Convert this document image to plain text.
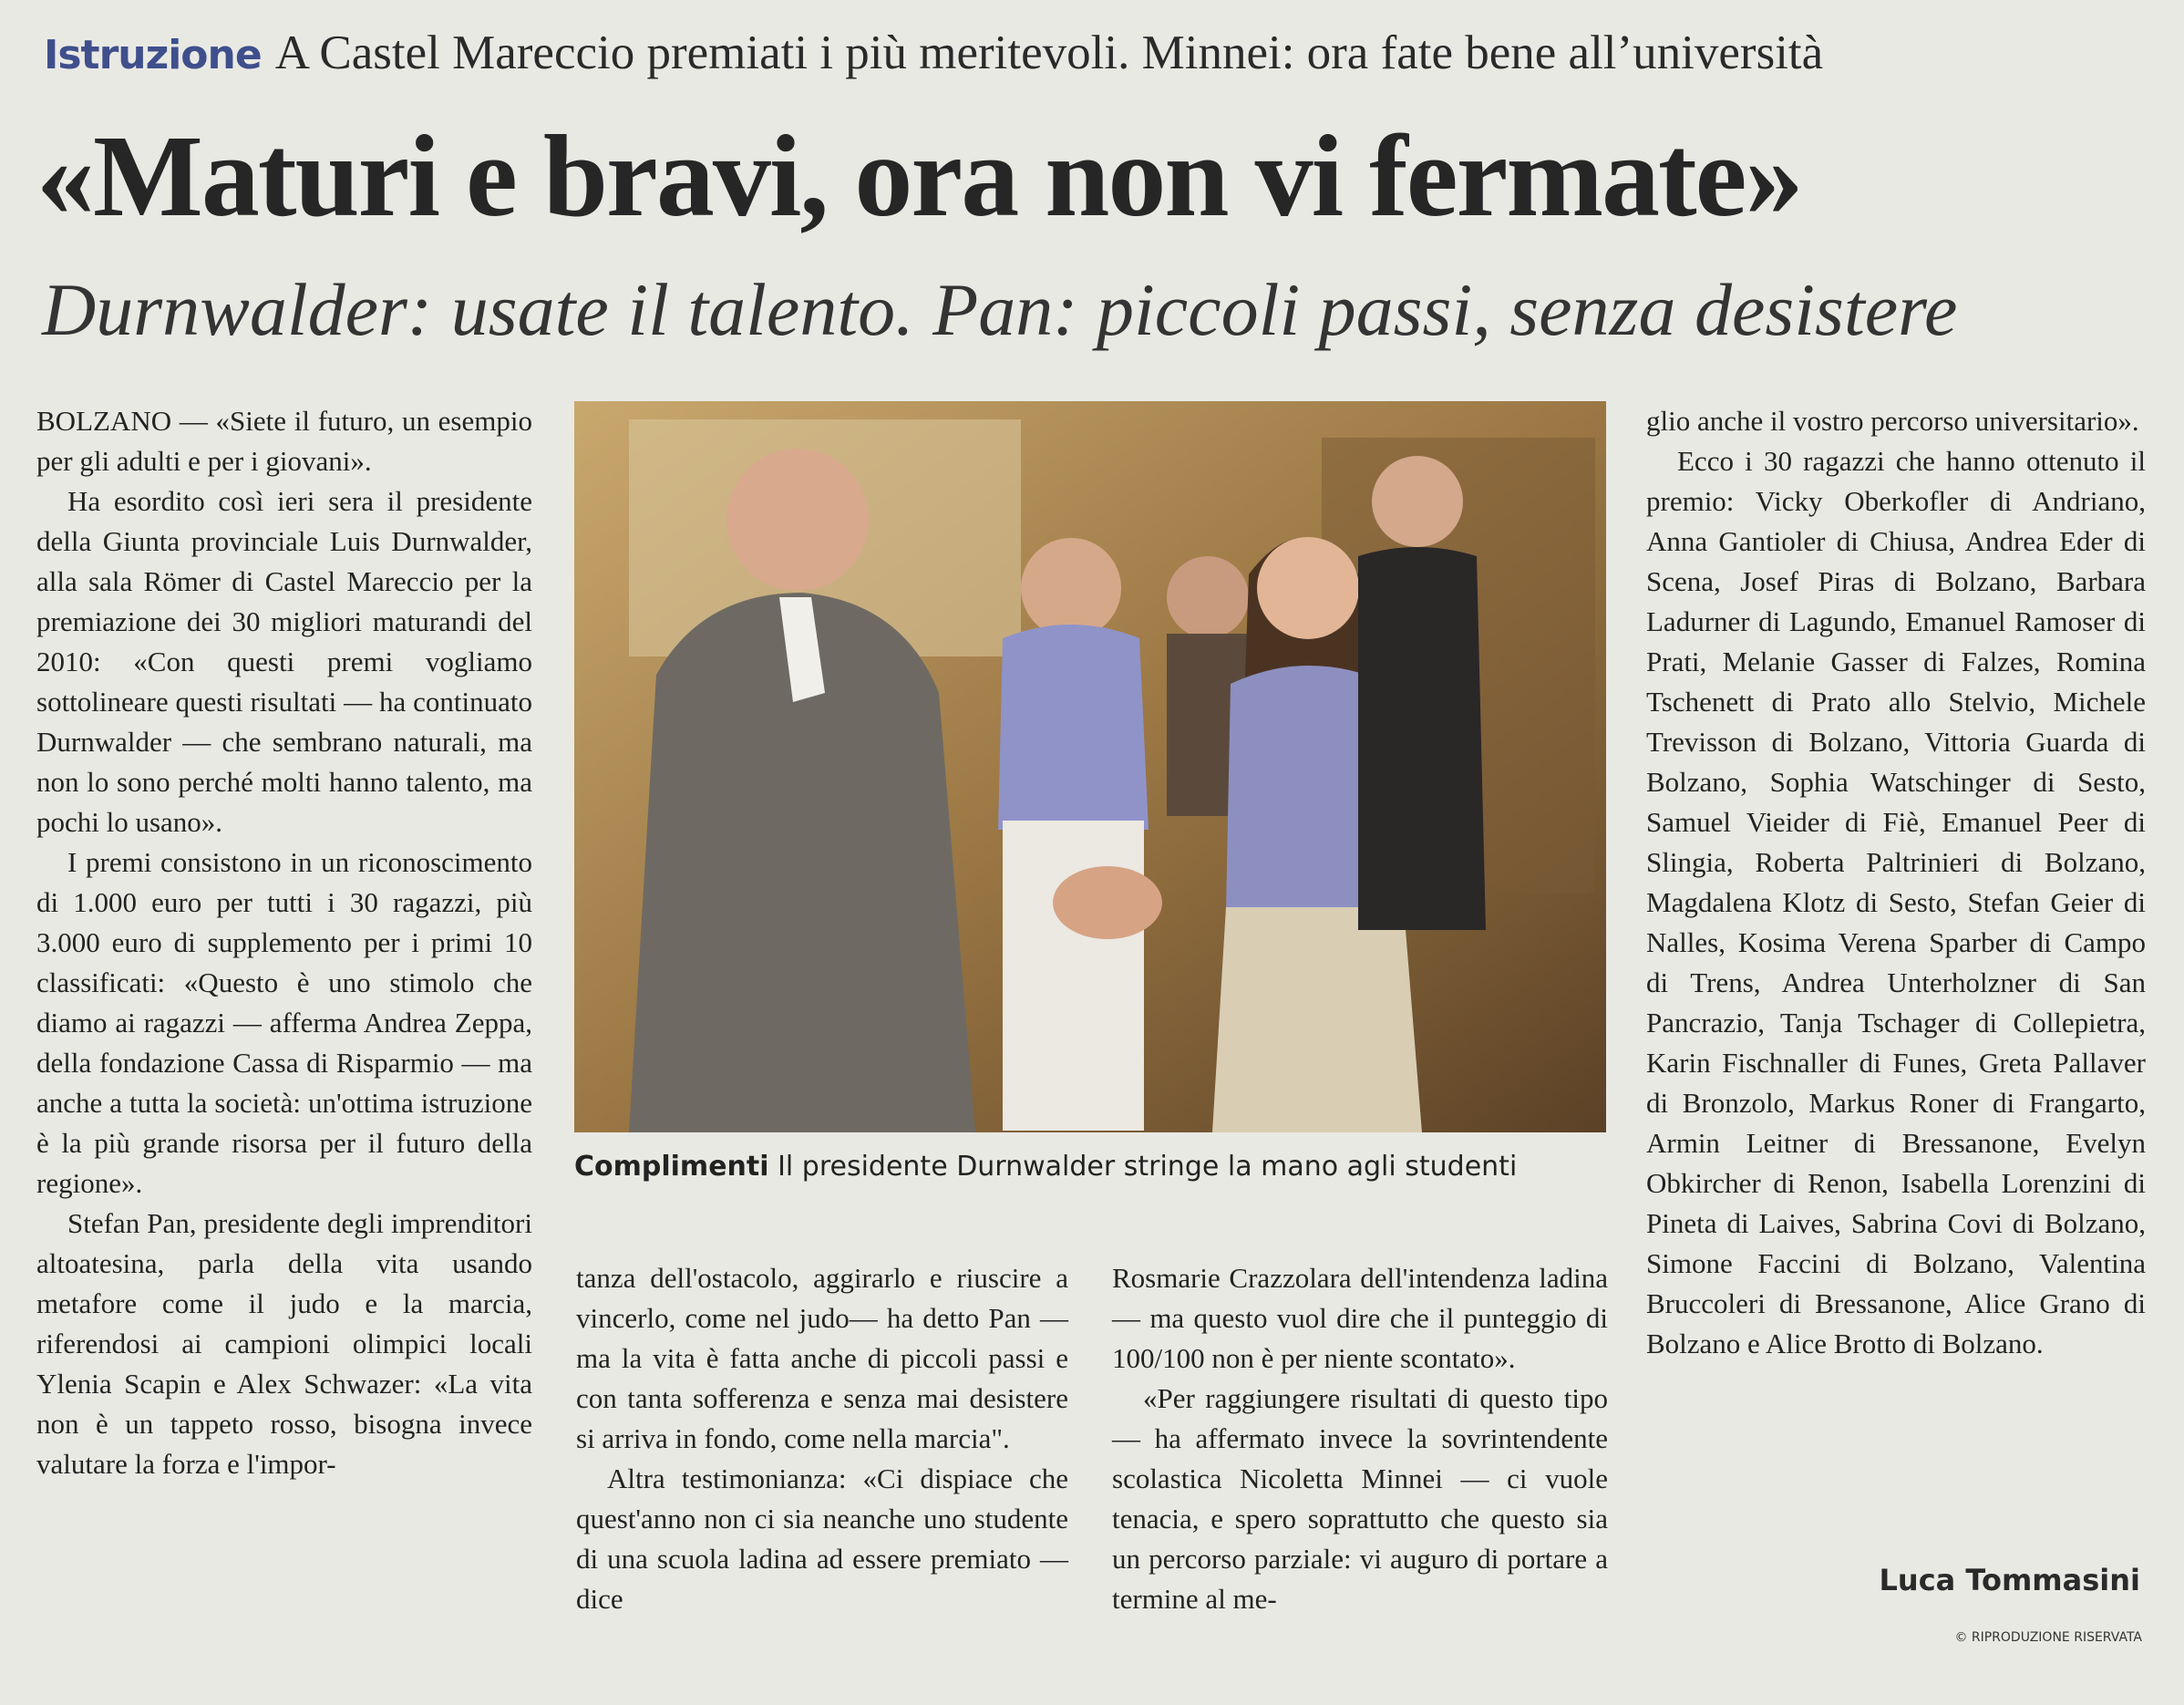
Istruzione A Castel Mareccio premiati i più meritevoli. Minnei: ora fate bene all’università
«Maturi e bravi, ora non vi fermate»
Durnwalder: usate il talento. Pan: piccoli passi, senza desistere

BOLZANO — «Siete il futuro, un esempio per gli adulti e per i giovani».

Ha esordito così ieri sera il presidente della Giunta provinciale Luis Durnwalder, alla sala Römer di Castel Mareccio per la premiazione dei 30 migliori maturandi del 2010: «Con questi premi vogliamo sottolineare questi risultati — ha continuato Durnwalder — che sembrano naturali, ma non lo sono perché molti hanno talento, ma pochi lo usano».

I premi consistono in un riconoscimento di 1.000 euro per tutti i 30 ragazzi, più 3.000 euro di supplemento per i primi 10 classificati: «Questo è uno stimolo che diamo ai ragazzi — afferma Andrea Zeppa, della fondazione Cassa di Risparmio — ma anche a tutta la società: un'ottima istruzione è la più grande risorsa per il futuro della regione».

Stefan Pan, presidente degli imprenditori altoatesina, parla della vita usando metafore come il judo e la marcia, riferendosi ai campioni olimpici locali Ylenia Scapin e Alex Schwazer: «La vita non è un tappeto rosso, bisogna invece valutare la forza e l'impor-

Complimenti Il presidente Durnwalder stringe la mano agli studenti

tanza dell'ostacolo, aggirarlo e riuscire a vincerlo, come nel judo— ha detto Pan — ma la vita è fatta anche di piccoli passi e con tanta sofferenza e senza mai desistere si arriva in fondo, come nella marcia".

Altra testimonianza: «Ci dispiace che quest'anno non ci sia neanche uno studente di una scuola ladina ad essere premiato — dice

Rosmarie Crazzolara dell'intendenza ladina — ma questo vuol dire che il punteggio di 100/100 non è per niente scontato».

«Per raggiungere risultati di questo tipo — ha affermato invece la sovrintendente scolastica Nicoletta Minnei — ci vuole tenacia, e spero soprattutto che questo sia un percorso parziale: vi auguro di portare a termine al me-

glio anche il vostro percorso universitario».

Ecco i 30 ragazzi che hanno ottenuto il premio: Vicky Oberkofler di Andriano, Anna Gantioler di Chiusa, Andrea Eder di Scena, Josef Piras di Bolzano, Barbara Ladurner di Lagundo, Emanuel Ramoser di Prati, Melanie Gasser di Falzes, Romina Tschenett di Prato allo Stelvio, Michele Trevisson di Bolzano, Vittoria Guarda di Bolzano, Sophia Watschinger di Sesto, Samuel Vieider di Fiè, Emanuel Peer di Slingia, Roberta Paltrinieri di Bolzano, Magdalena Klotz di Sesto, Stefan Geier di Nalles, Kosima Verena Sparber di Campo di Trens, Andrea Unterholzner di San Pancrazio, Tanja Tschager di Collepietra, Karin Fischnaller di Funes, Greta Pallaver di Bronzolo, Markus Roner di Frangarto, Armin Leitner di Bressanone, Evelyn Obkircher di Renon, Isabella Lorenzini di Pineta di Laives, Sabrina Covi di Bolzano, Simone Faccini di Bolzano, Valentina Bruccoleri di Bressanone, Alice Grano di Bolzano e Alice Brotto di Bolzano.

Luca Tommasini
© RIPRODUZIONE RISERVATA
